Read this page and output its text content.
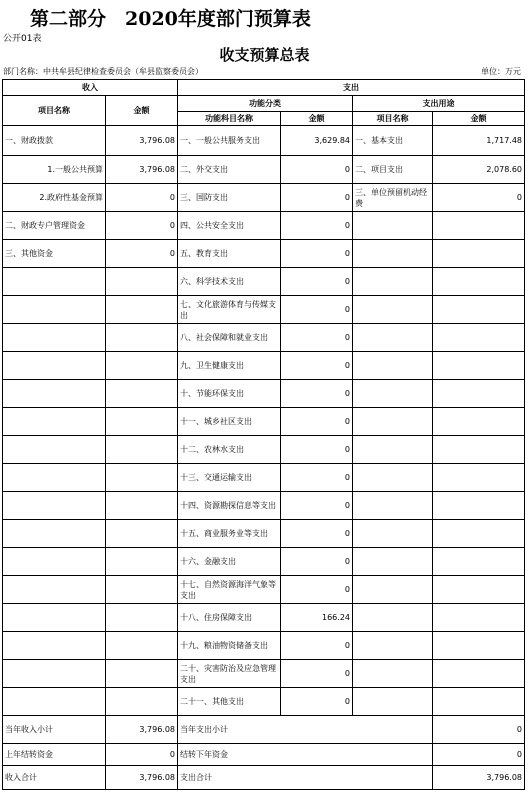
第二部分　2020年度部门预算表
公开01表
收支预算总表
部门名称：中共牟县纪律检查委员会（牟县监察委员会）	单位：万元
收入		支出			
项目名称	金额	功能分类		支出用途	
		功能科目名称	金额	项目名称	金额
一、财政拨款	3,796.08	一、一般公共服务支出	3,629.84	一、基本支出	1,717.48
1.一般公共预算	3,796.08	二、外交支出	0	二、项目支出	2,078.60
2.政府性基金预算	0	三、国防支出	0	三、单位预留机动经费	0
二、财政专户管理资金	0	四、公共安全支出	0		
三、其他资金	0	五、教育支出	0		
		六、科学技术支出	0		
		七、文化旅游体育与传媒支出	0		
		八、社会保障和就业支出	0		
		九、卫生健康支出	0		
		十、节能环保支出	0		
		十一、城乡社区支出	0		
		十二、农林水支出	0		
		十三、交通运输支出	0		
		十四、资源勘探信息等支出	0		
		十五、商业服务业等支出	0		
		十六、金融支出	0		
		十七、自然资源海洋气象等支出	0		
		十八、住房保障支出	166.24		
		十九、粮油物资储备支出	0		
		二十、灾害防治及应急管理支出	0		
		二十一、其他支出	0		
当年收入小计	3,796.08	当年支出小计			0
上年结转资金	0	结转下年资金			0
收入合计	3,796.08	支出合计			3,796.08
